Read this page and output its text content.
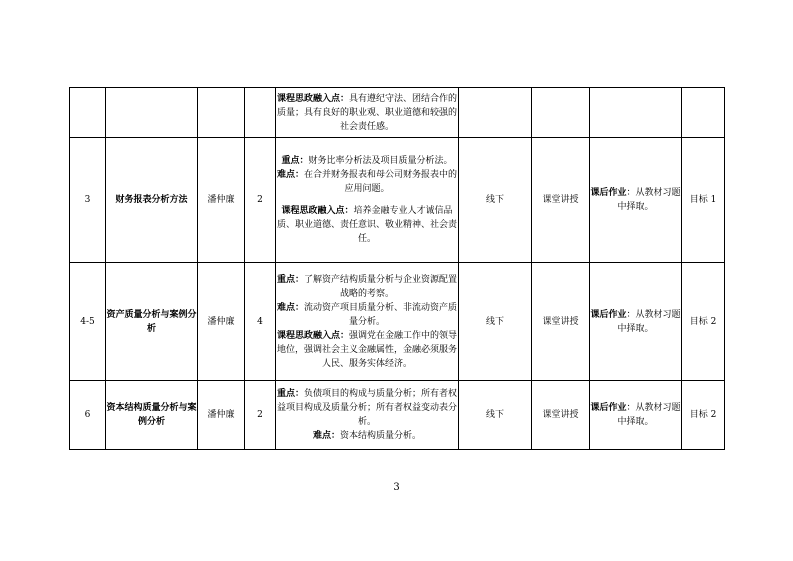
				课程思政融入点：具有遵纪守法、团结合作的质量；具有良好的职业观、职业道德和较强的社会责任感。				

3	财务报表分析方法	潘仲廉	2	重点：财务比率分析法及项目质量分析法。

难点：在合并财务报表和母公司财务报表中的应用问题。

课程思政融入点：培养金融专业人才诚信品质、职业道德、责任意识、敬业精神、社会责任。	线下	课堂讲授	课后作业：从教材习题中择取。	目标 1
4-5	资产质量分析与案例分析	潘仲廉	4	重点：了解资产结构质量分析与企业资源配置战略的考察。

难点：流动资产项目质量分析、非流动资产质量分析。

课程思政融入点：强调党在金融工作中的领导地位，强调社会主义金融属性，金融必须服务人民、服务实体经济。	线下	课堂讲授	课后作业：从教材习题中择取。	目标 2
6	资本结构质量分析与案例分析	潘仲廉	2	重点：负债项目的构成与质量分析；所有者权益项目构成及质量分析；所有者权益变动表分析。

难点：资本结构质量分析。	线下	课堂讲授	课后作业：从教材习题中择取。	目标 2
3
